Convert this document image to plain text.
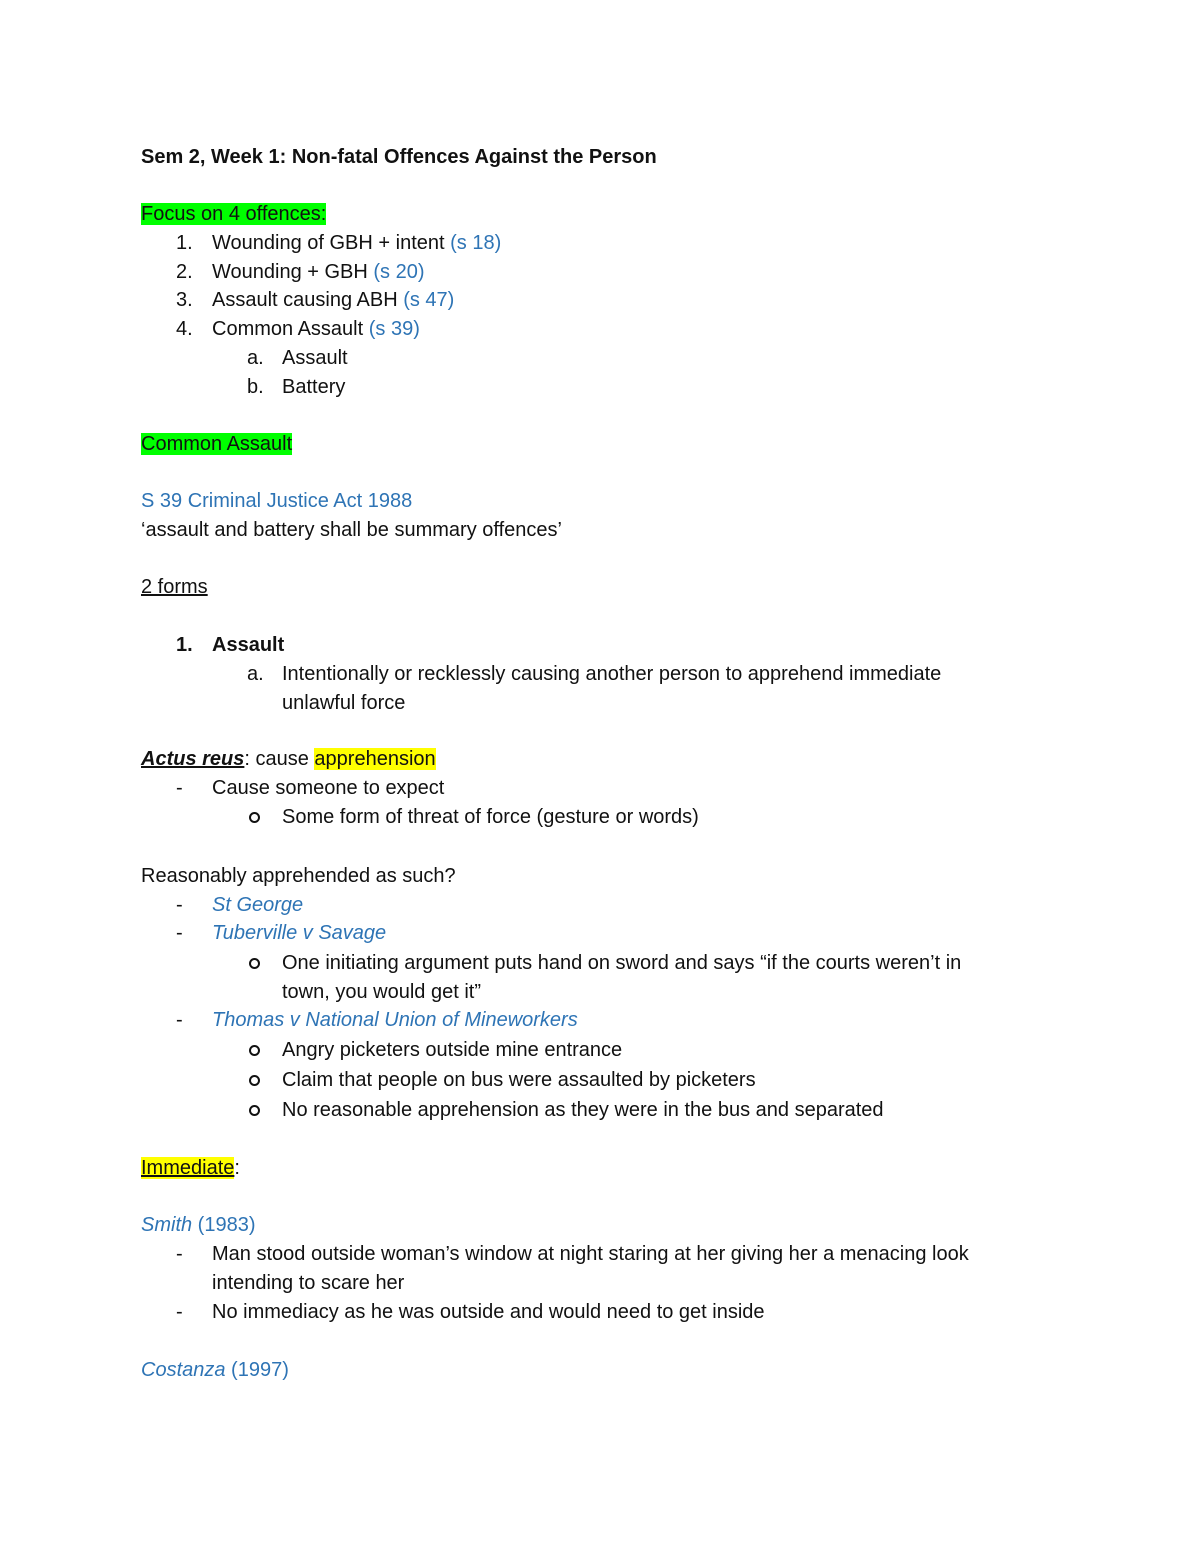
Sem 2, Week 1: Non-fatal Offences Against the Person
Focus on 4 offences:
1. Wounding of GBH + intent (s 18)
2. Wounding + GBH (s 20)
3. Assault causing ABH (s 47)
4. Common Assault (s 39)
a. Assault
b. Battery
Common Assault
S 39 Criminal Justice Act 1988
‘assault and battery shall be summary offences’
2 forms
1. Assault
a. Intentionally or recklessly causing another person to apprehend immediate
unlawful force
Actus reus: cause apprehension
- Cause someone to expect
Some form of threat of force (gesture or words)
Reasonably apprehended as such?
- St George
- Tuberville v Savage
One initiating argument puts hand on sword and says “if the courts weren’t in
town, you would get it”
- Thomas v National Union of Mineworkers
Angry picketers outside mine entrance
Claim that people on bus were assaulted by picketers
No reasonable apprehension as they were in the bus and separated
Immediate:
Smith (1983)
- Man stood outside woman’s window at night staring at her giving her a menacing look
intending to scare her
- No immediacy as he was outside and would need to get inside
Costanza (1997)
